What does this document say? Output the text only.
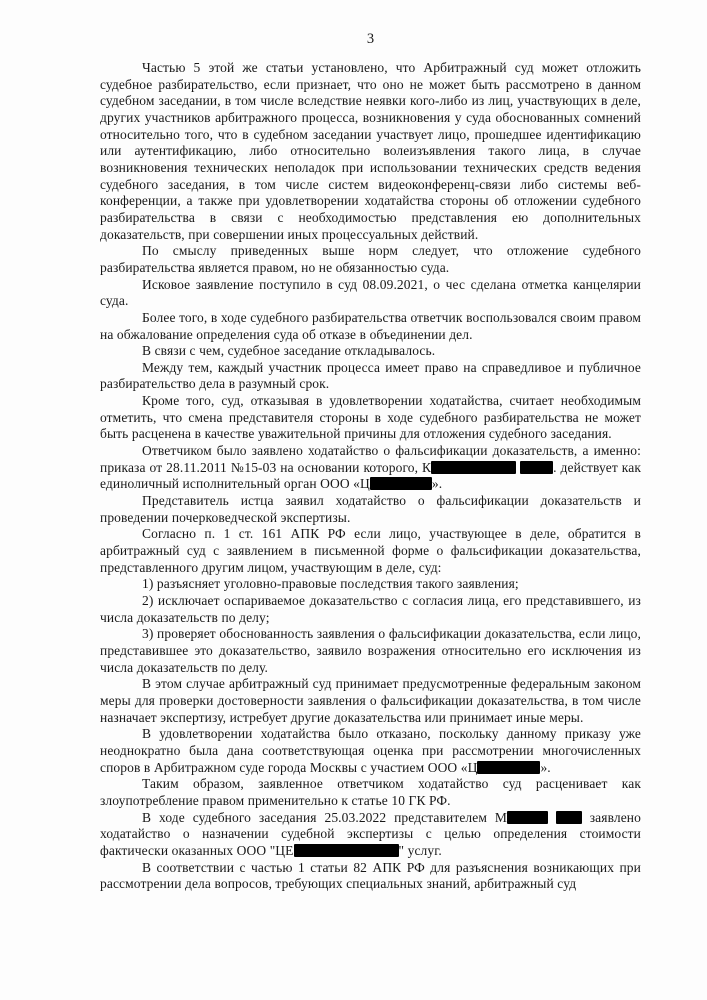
3

Частью 5 этой же статьи установлено, что Арбитражный суд может отложить судебное разбирательство, если признает, что оно не может быть рассмотрено в данном судебном заседании, в том числе вследствие неявки кого-либо из лиц, участвующих в деле, других участников арбитражного процесса, возникновения у суда обоснованных сомнений относительно того, что в судебном заседании участвует лицо, прошедшее идентификацию или аутентификацию, либо относительно волеизъявления такого лица, в случае возникновения технических неполадок при использовании технических средств ведения судебного заседания, в том числе систем видеоконференц-связи либо системы веб-конференции, а также при удовлетворении ходатайства стороны об отложении судебного разбирательства в связи с необходимостью представления ею дополнительных доказательств, при совершении иных процессуальных действий.

По смыслу приведенных выше норм следует, что отложение судебного разбирательства является правом, но не обязанностью суда.

Исковое заявление поступило в суд 08.09.2021, о чес сделана отметка канцелярии суда.

Более того, в ходе судебного разбирательства ответчик воспользовался своим правом на обжалование определения суда об отказе в объединении дел.

В связи с чем, судебное заседание откладывалось.

Между тем, каждый участник процесса имеет право на справедливое и публичное разбирательство дела в разумный срок.

Кроме того, суд, отказывая в удовлетворении ходатайства, считает необходимым отметить, что смена представителя стороны в ходе судебного разбирательства не может быть расценена в качестве уважительной причины для отложения судебного заседания.

Ответчиком было заявлено ходатайство о фальсификации доказательств, а именно: приказа от 28.11.2011 №15-03 на основании которого, К	. действует как единоличный исполнительный орган ООО «Ц	».

Представитель истца заявил ходатайство о фальсификации доказательств и проведении почерковедческой экспертизы.

Согласно п. 1 ст. 161 АПК РФ если лицо, участвующее в деле, обратится в арбитражный суд с заявлением в письменной форме о фальсификации доказательства, представленного другим лицом, участвующим в деле, суд:

1) разъясняет уголовно-правовые последствия такого заявления;

2) исключает оспариваемое доказательство с согласия лица, его представившего, из числа доказательств по делу;

3) проверяет обоснованность заявления о фальсификации доказательства, если лицо, представившее это доказательство, заявило возражения относительно его исключения из числа доказательств по делу.

В этом случае арбитражный суд принимает предусмотренные федеральным законом меры для проверки достоверности заявления о фальсификации доказательства, в том числе назначает экспертизу, истребует другие доказательства или принимает иные меры.

В удовлетворении ходатайства было отказано, поскольку данному приказу уже неоднократно была дана соответствующая оценка при рассмотрении многочисленных споров в Арбитражном суде города Москвы с участием ООО «Ц	».

Таким образом, заявленное ответчиком ходатайство суд расценивает как злоупотребление правом применительно к статье 10 ГК РФ.

В ходе судебного заседания 25.03.2022 представителем М	заявлено ходатайство о назначении судебной экспертизы с целью определения стоимости фактически оказанных ООО "ЦЕ	" услуг.

В соответствии с частью 1 статьи 82 АПК РФ для разъяснения возникающих при рассмотрении дела вопросов, требующих специальных знаний, арбитражный суд
